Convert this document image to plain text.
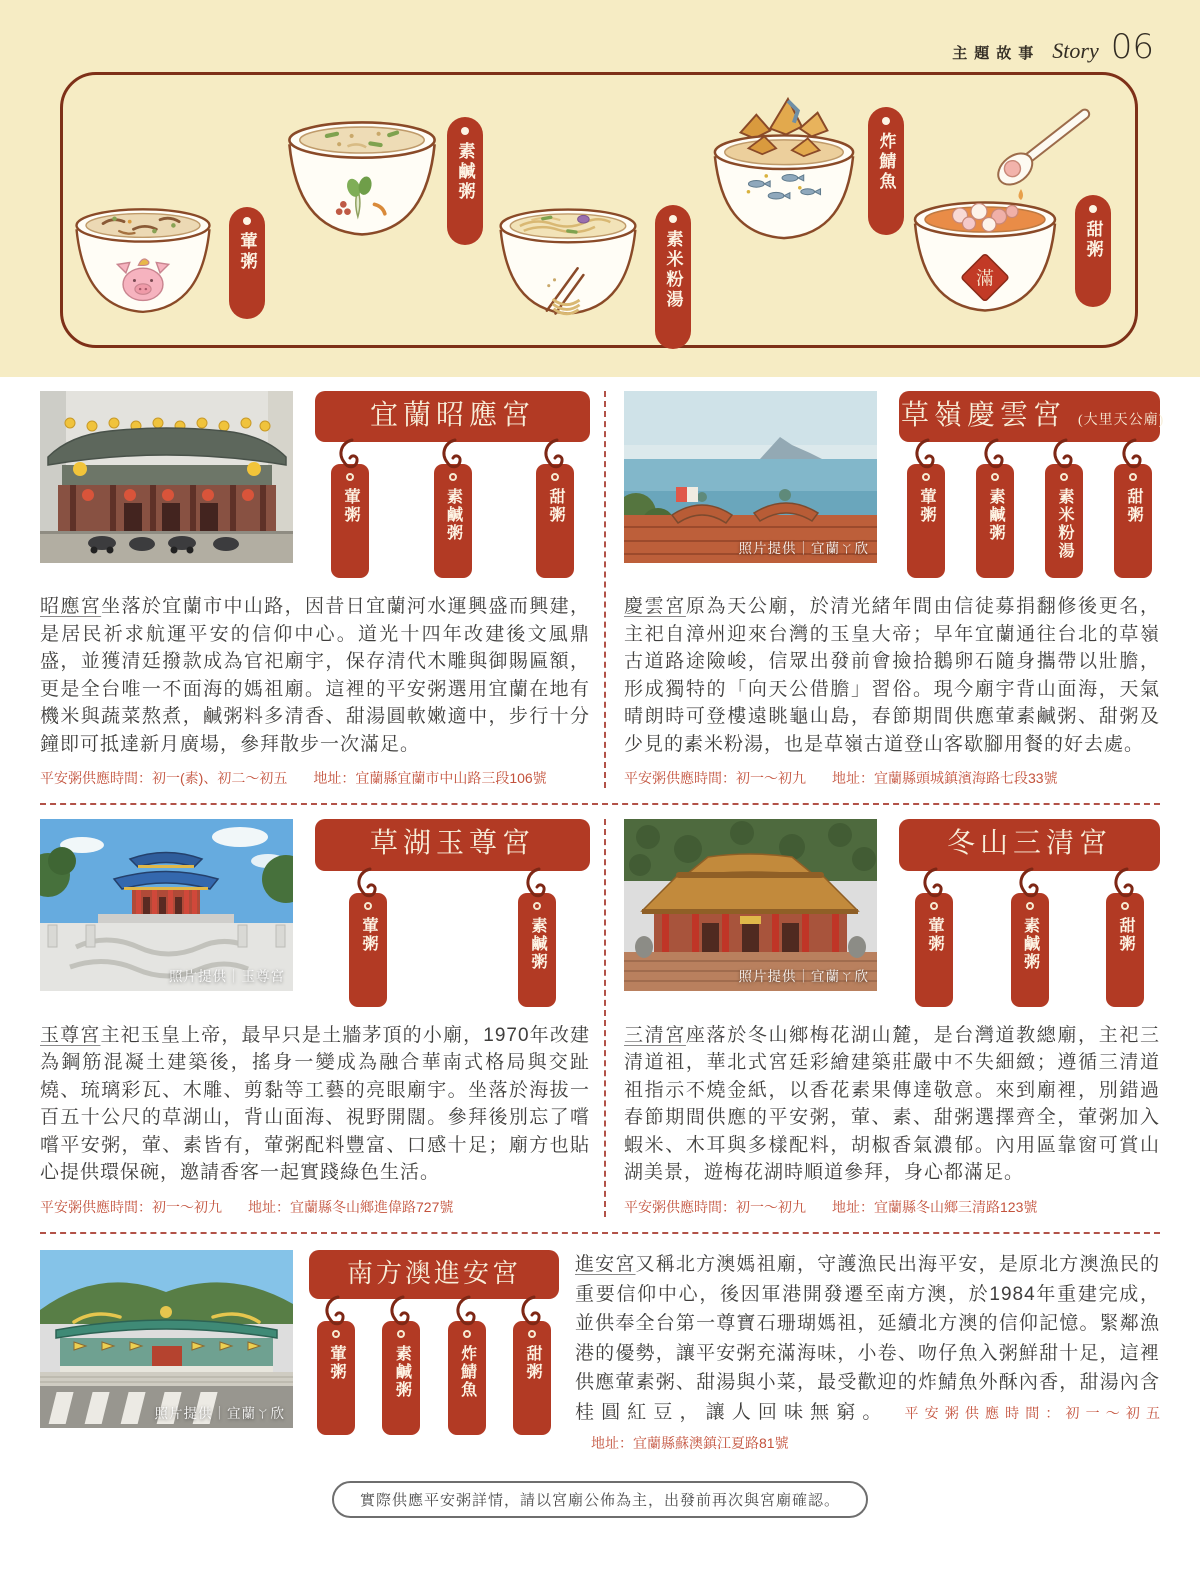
主題故事 Story 06
葷粥
素鹹粥
素米粉湯
炸鯖魚
滿
甜粥
宜蘭昭應宮
葷粥	素鹹粥	甜粥

昭應宮坐落於宜蘭市中山路，因昔日宜蘭河水運興盛而興建，是居民祈求航運平安的信仰中心。道光十四年改建後文風鼎盛，並獲清廷撥款成為官祀廟宇，保存清代木雕與御賜匾額，更是全台唯一不面海的媽祖廟。這裡的平安粥選用宜蘭在地有機米與蔬菜熬煮，鹹粥料多清香、甜湯圓軟嫩適中，步行十分鐘即可抵達新月廣場，參拜散步一次滿足。

平安粥供應時間：初一(素)、初二～初五 地址：宜蘭縣宜蘭市中山路三段106號
照片提供｜宜蘭ㄚ欣
草嶺慶雲宮 (大里天公廟)
葷粥	素鹹粥	素米粉湯	甜粥

慶雲宮原為天公廟，於清光緒年間由信徒募捐翻修後更名，主祀自漳州迎來台灣的玉皇大帝；早年宜蘭通往台北的草嶺古道路途險峻，信眾出發前會撿拾鵝卵石隨身攜帶以壯膽，形成獨特的「向天公借膽」習俗。現今廟宇背山面海，天氣晴朗時可登樓遠眺龜山島，春節期間供應葷素鹹粥、甜粥及少見的素米粉湯，也是草嶺古道登山客歇腳用餐的好去處。

平安粥供應時間：初一～初九 地址：宜蘭縣頭城鎮濱海路七段33號
照片提供｜玉尊宮
草湖玉尊宮
葷粥	素鹹粥

玉尊宮主祀玉皇上帝，最早只是土牆茅頂的小廟，1970年改建為鋼筋混凝土建築後，搖身一變成為融合華南式格局與交趾燒、琉璃彩瓦、木雕、剪黏等工藝的亮眼廟宇。坐落於海拔一百五十公尺的草湖山，背山面海、視野開闊。參拜後別忘了嚐嚐平安粥，葷、素皆有，葷粥配料豐富、口感十足；廟方也貼心提供環保碗，邀請香客一起實踐綠色生活。

平安粥供應時間：初一～初九 地址：宜蘭縣冬山鄉進偉路727號
照片提供｜宜蘭ㄚ欣
冬山三清宮
葷粥	素鹹粥	甜粥

三清宮座落於冬山鄉梅花湖山麓，是台灣道教總廟，主祀三清道祖，華北式宮廷彩繪建築莊嚴中不失細緻；遵循三清道祖指示不燒金紙，以香花素果傳達敬意。來到廟裡，別錯過春節期間供應的平安粥，葷、素、甜粥選擇齊全，葷粥加入蝦米、木耳與多樣配料，胡椒香氣濃郁。內用區靠窗可賞山湖美景，遊梅花湖時順道參拜，身心都滿足。

平安粥供應時間：初一～初九 地址：宜蘭縣冬山鄉三清路123號
照片提供｜宜蘭ㄚ欣
南方澳進安宮
葷粥	素鹹粥	炸鯖魚	甜粥

進安宮又稱北方澳媽祖廟，守護漁民出海平安，是原北方澳漁民的重要信仰中心，後因軍港開發遷至南方澳，於1984年重建完成，並供奉全台第一尊寶石珊瑚媽祖，延續北方澳的信仰記憶。緊鄰漁港的優勢，讓平安粥充滿海味，小卷、吻仔魚入粥鮮甜十足，這裡供應葷素粥、甜湯與小菜，最受歡迎的炸鯖魚外酥內香，甜湯內含桂圓紅豆，讓人回味無窮。 平安粥供應時間：初一～初五地址：宜蘭縣蘇澳鎮江夏路81號

實際供應平安粥詳情，請以宮廟公佈為主，出發前再次與宮廟確認。
